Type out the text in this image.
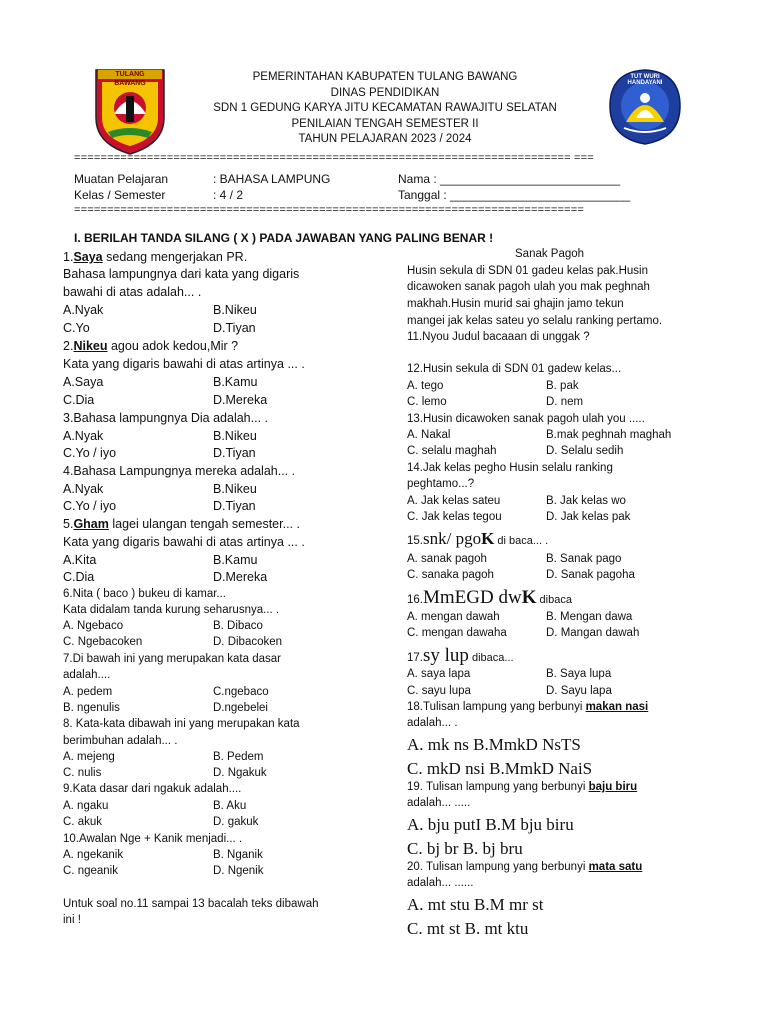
TULANG BAWANG
TUT WURI HANDAYANI
PEMERINTAHAN KABUPATEN TULANG BAWANG
DINAS PENDIDIKAN
SDN 1 GEDUNG KARYA JITU KECAMATAN RAWAJITU SELATAN
PENILAIAN TENGAH SEMESTER II
TAHUN PELAJARAN 2023 / 2024
=========================================================================== ===
Muatan Pelajaran	: BAHASA LAMPUNG
Kelas / Semester	: 4 / 2
Nama : ___________________________
Tanggal : ___________________________
=============================================================================
I. BERILAH TANDA SILANG ( X ) PADA JAWABAN YANG PALING BENAR !
1.Saya sedang mengerjakan PR.
Bahasa lampungnya dari kata yang digaris
bawahi di atas adalah... .
A.Nyak	B.Nikeu
C.Yo	D.Tiyan
2.Nikeu agou adok kedou,Mir ?
Kata yang digaris bawahi di atas artinya ... .
A.Saya	B.Kamu
C.Dia	D.Mereka
3.Bahasa lampungnya Dia adalah... .
A.Nyak	B.Nikeu
C.Yo / iyo	D.Tiyan
4.Bahasa Lampungnya mereka adalah... .
A.Nyak	B.Nikeu
C.Yo / iyo	D.Tiyan
5.Gham lagei ulangan tengah semester... .
Kata yang digaris bawahi di atas artinya ... .
A.Kita	B.Kamu
C.Dia	D.Mereka
6.Nita ( baco ) bukeu di kamar...
Kata didalam tanda kurung seharusnya... .
A. Ngebaco	B. Dibaco
C. Ngebacoken	D. Dibacoken
7.Di bawah ini yang merupakan kata dasar
adalah....
A. pedem	C.ngebaco
B. ngenulis	D.ngebelei
8. Kata-kata dibawah ini yang merupakan kata
berimbuhan adalah... .
A. mejeng	B. Pedem
C. nulis	D. Ngakuk
9.Kata dasar dari ngakuk adalah....
A. ngaku	B. Aku
C. akuk	D. gakuk
10.Awalan Nge + Kanik menjadi... .
A. ngekanik	B. Nganik
C. ngeanik	D. Ngenik
Untuk soal no.11 sampai 13 bacalah teks dibawah
ini !
Sanak Pagoh
Husin sekula di SDN 01 gadeu kelas pak.Husin
dicawoken sanak pagoh ulah you mak peghnah
makhah.Husin murid sai ghajin jamo tekun
mangei jak kelas sateu yo selalu ranking pertamo.
11.Nyou Judul bacaaan di unggak ?
12.Husin sekula di SDN 01 gadew kelas...
A. tego	B. pak
C. lemo	D. nem
13.Husin dicawoken sanak pagoh ulah you .....
A. Nakal	B.mak peghnah maghah
C. selalu maghah	D. Selalu sedih
14.Jak kelas pegho Husin selalu ranking
peghtamo...?
A. Jak kelas sateu	B. Jak kelas wo
C. Jak kelas tegou	D. Jak kelas pak
15.snk/ pgoK di baca... .
A. sanak pagoh	B. Sanak pago
C. sanaka pagoh	D. Sanak pagoha
16.MmEGD dwK dibaca
A. mengan dawah	B. Mengan dawa
C. mengan dawaha	D. Mangan dawah
17.sy lup dibaca...
A. saya lapa	B. Saya lupa
C. sayu lupa	D. Sayu lapa
18.Tulisan lampung yang berbunyi makan nasi
adalah... .
A. mk ns B.MmkD NsTS
C. mkD nsi B.MmkD NaiS
19. Tulisan lampung yang berbunyi baju biru
adalah... .....
A. bju putI B.M bju biru
C. bj br B. bj bru
20. Tulisan lampung yang berbunyi mata satu
adalah... ......
A. mt stu B.M mr st
C. mt st B. mt ktu
